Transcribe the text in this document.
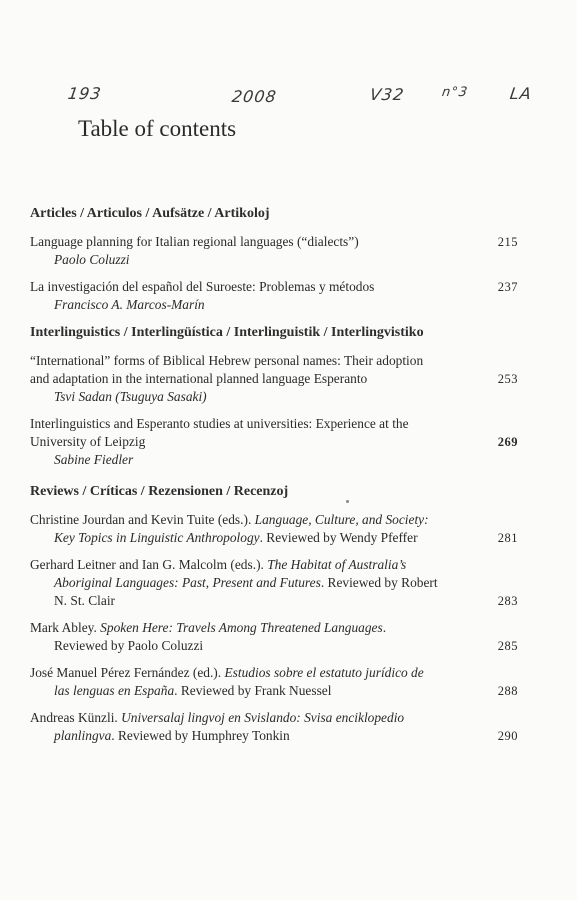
193	2008	V32	n°3 LA
Table of contents
Articles / Articulos / Aufsätze / Artikoloj
Language planning for Italian regional languages (“dialects”)
Paolo Coluzzi
215
La investigación del español del Suroeste: Problemas y métodos
Francisco A. Marcos-Marín
237
Interlinguistics / Interlingüística / Interlinguistik / Interlingvistiko
“International” forms of Biblical Hebrew personal names: Their adoption
and adaptation in the international planned language Esperanto
Tsvi Sadan (Tsuguya Sasaki)
253
Interlinguistics and Esperanto studies at universities: Experience at the
University of Leipzig
Sabine Fiedler
269
Reviews / Críticas / Rezensionen / Recenzoj
Christine Jourdan and Kevin Tuite (eds.). Language, Culture, and Society:
Key Topics in Linguistic Anthropology. Reviewed by Wendy Pfeffer	281
Gerhard Leitner and Ian G. Malcolm (eds.). The Habitat of Australia’s
Aboriginal Languages: Past, Present and Futures. Reviewed by Robert
N. St. Clair	283
Mark Abley. Spoken Here: Travels Among Threatened Languages.
Reviewed by Paolo Coluzzi	285
José Manuel Pérez Fernández (ed.). Estudios sobre el estatuto jurídico de
las lenguas en España. Reviewed by Frank Nuessel	288
Andreas Künzli. Universalaj lingvoj en Svislando: Svisa enciklopedio
planlingva. Reviewed by Humphrey Tonkin	290
